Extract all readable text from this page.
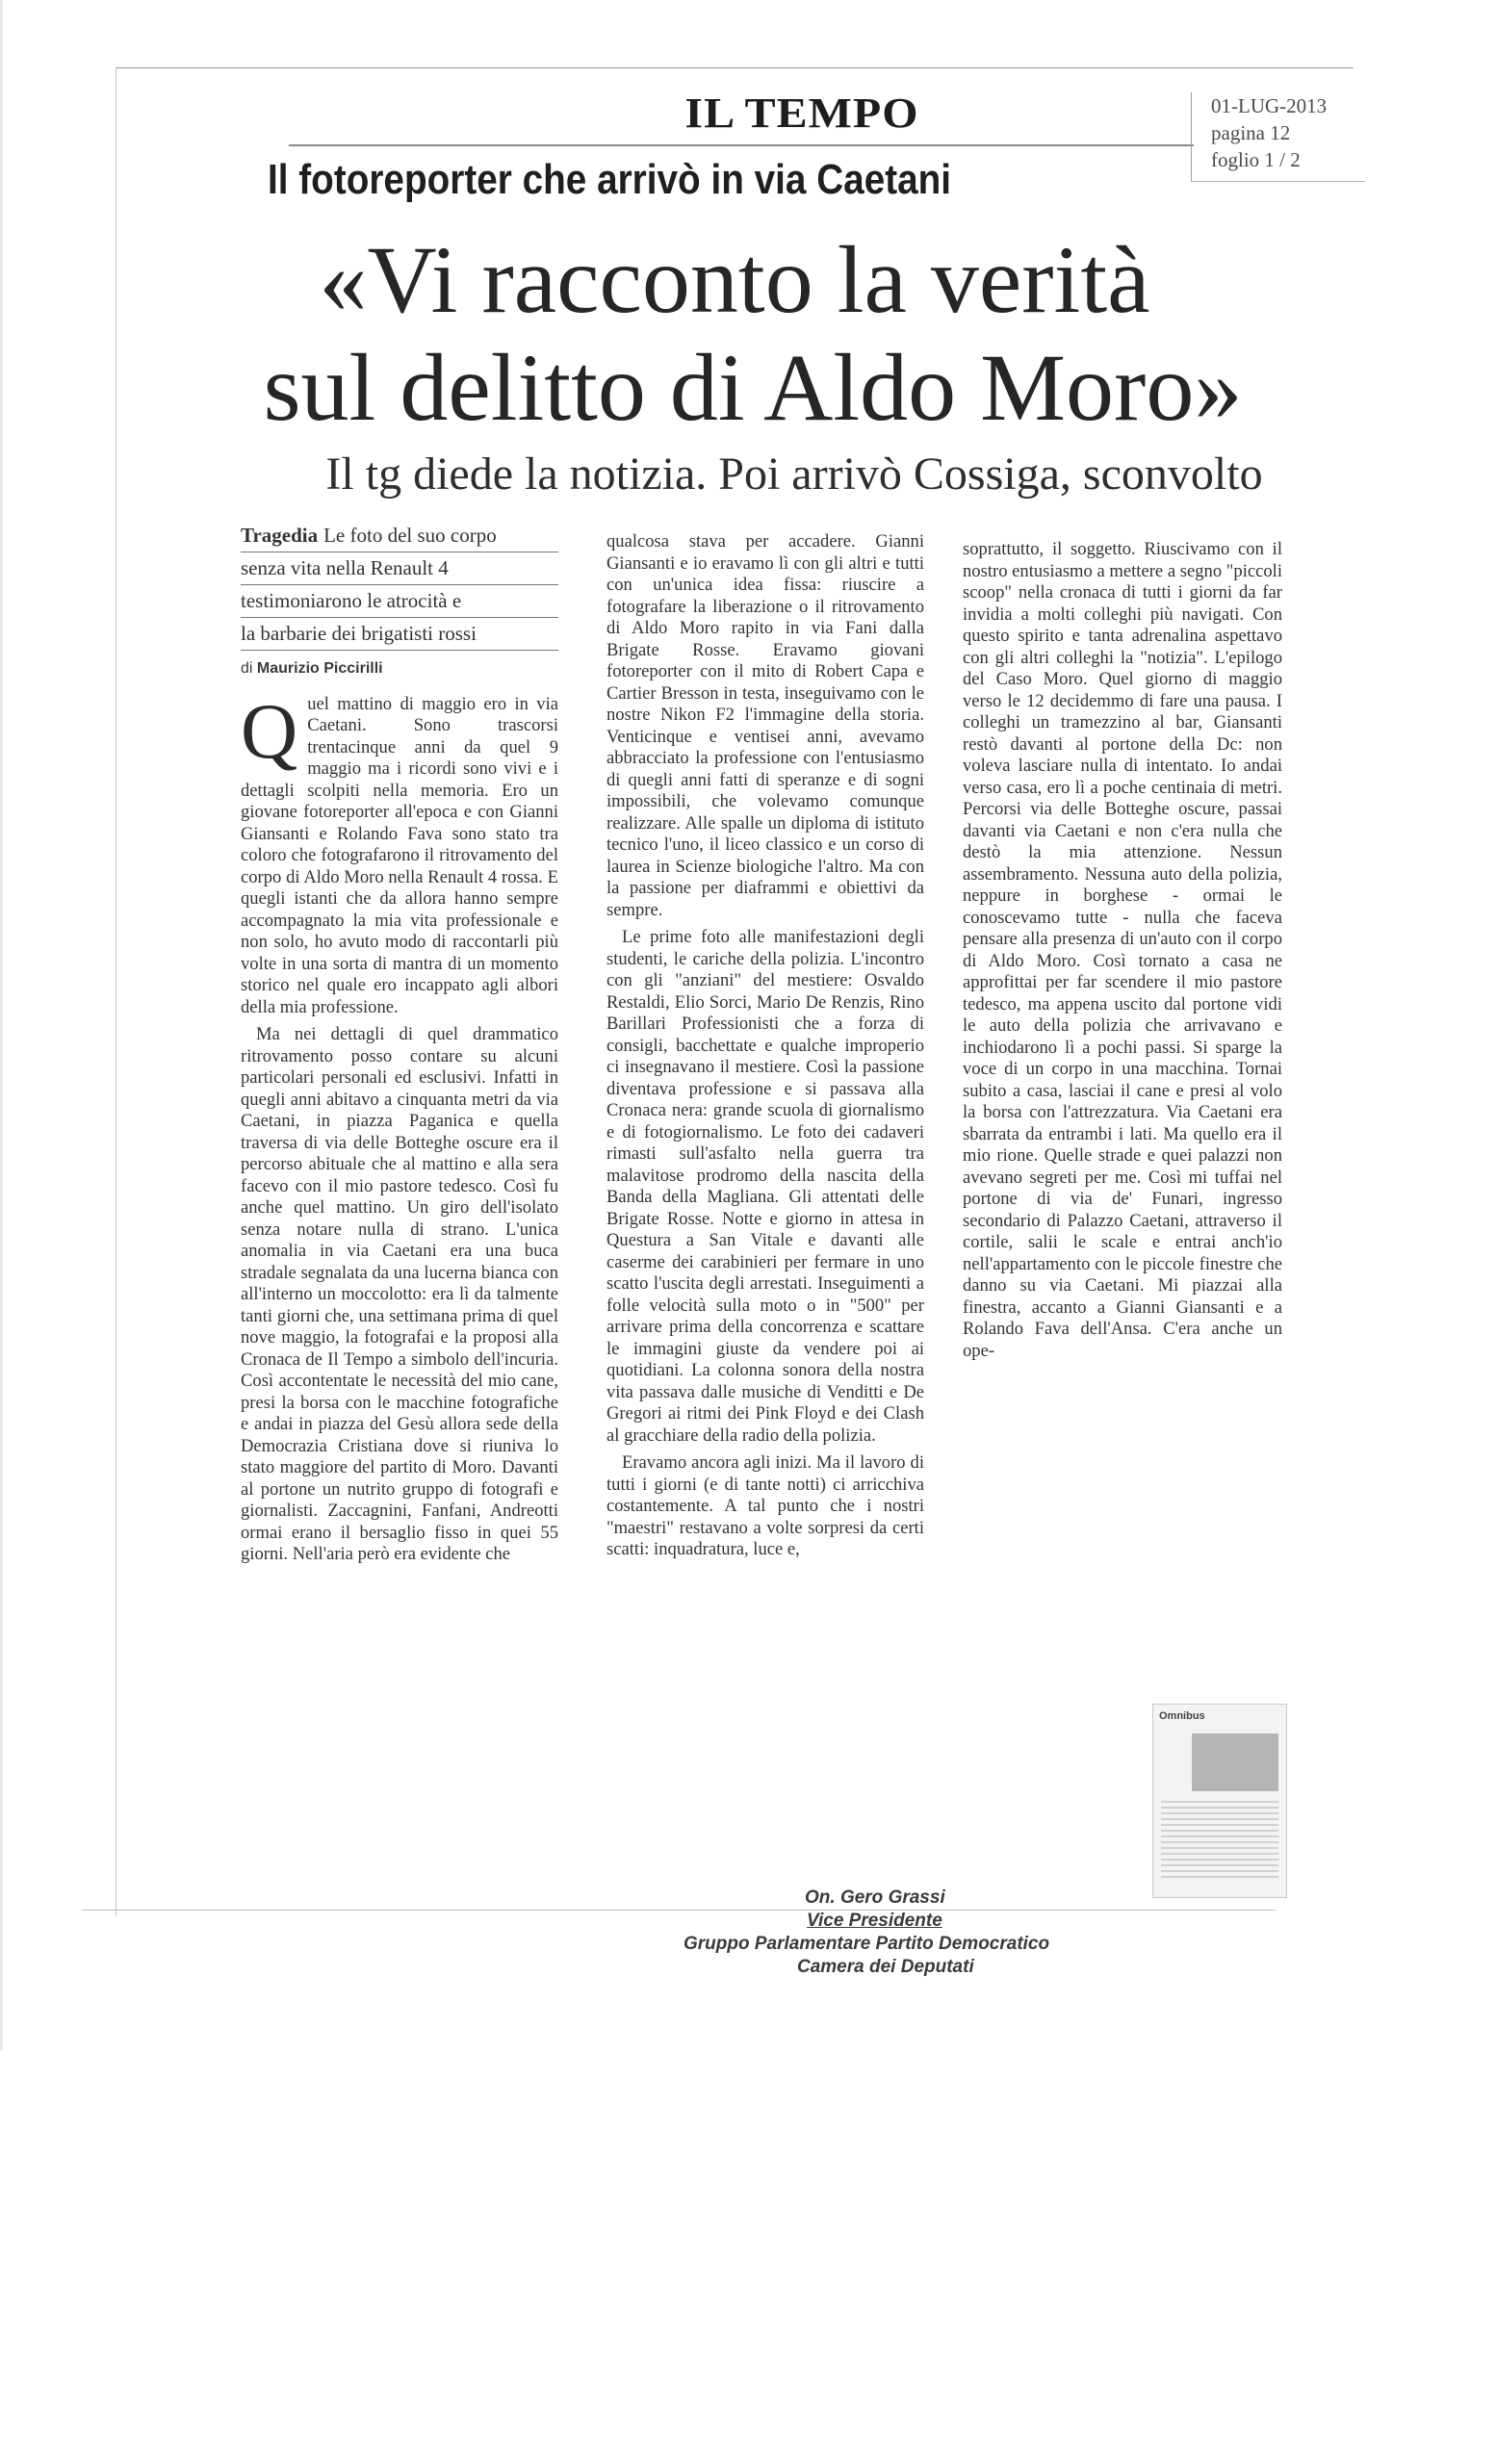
IL TEMPO	01-LUG-2013
pagina 12
foglio 1 / 2
Il fotoreporter che arrivò in via Caetani
«Vi racconto la verità
sul delitto di Aldo Moro»
Il tg diede la notizia. Poi arrivò Cossiga, sconvolto
Tragedia Le foto del suo corpo
senza vita nella Renault 4
testimoniarono le atrocità e
la barbarie dei brigatisti rossi
di Maurizio Piccirilli

Quel mattino di maggio ero in via Caetani. Sono trascorsi trentacinque anni da quel 9 maggio ma i ricordi sono vivi e i dettagli scolpiti nella memoria. Ero un giovane fotoreporter all'epoca e con Gianni Giansanti e Rolando Fava sono stato tra coloro che fotografarono il ritrovamento del corpo di Aldo Moro nella Renault 4 rossa. E quegli istanti che da allora hanno sempre accompagnato la mia vita professionale e non solo, ho avuto modo di raccontarli più volte in una sorta di mantra di un momento storico nel quale ero incappato agli albori della mia professione.

Ma nei dettagli di quel drammatico ritrovamento posso contare su alcuni particolari personali ed esclusivi. Infatti in quegli anni abitavo a cinquanta metri da via Caetani, in piazza Paganica e quella traversa di via delle Botteghe oscure era il percorso abituale che al mattino e alla sera facevo con il mio pastore tedesco. Così fu anche quel mattino. Un giro dell'isolato senza notare nulla di strano. L'unica anomalia in via Caetani era una buca stradale segnalata da una lucerna bianca con all'interno un moccolotto: era lì da talmente tanti giorni che, una settimana prima di quel nove maggio, la fotografai e la proposi alla Cronaca de Il Tempo a simbolo dell'incuria. Così accontentate le necessità del mio cane, presi la borsa con le macchine fotografiche e andai in piazza del Gesù allora sede della Democrazia Cristiana dove si riuniva lo stato maggiore del partito di Moro. Davanti al portone un nutrito gruppo di fotografi e giornalisti. Zaccagnini, Fanfani, Andreotti ormai erano il bersaglio fisso in quei 55 giorni. Nell'aria però era evidente che

qualcosa stava per accadere. Gianni Giansanti e io eravamo lì con gli altri e tutti con un'unica idea fissa: riuscire a fotografare la liberazione o il ritrovamento di Aldo Moro rapito in via Fani dalla Brigate Rosse. Eravamo giovani fotoreporter con il mito di Robert Capa e Cartier Bresson in testa, inseguivamo con le nostre Nikon F2 l'immagine della storia. Venticinque e ventisei anni, avevamo abbracciato la professione con l'entusiasmo di quegli anni fatti di speranze e di sogni impossibili, che volevamo comunque realizzare. Alle spalle un diploma di istituto tecnico l'uno, il liceo classico e un corso di laurea in Scienze biologiche l'altro. Ma con la passione per diaframmi e obiettivi da sempre.

Le prime foto alle manifestazioni degli studenti, le cariche della polizia. L'incontro con gli "anziani" del mestiere: Osvaldo Restaldi, Elio Sorci, Mario De Renzis, Rino Barillari Professionisti che a forza di consigli, bacchettate e qualche improperio ci insegnavano il mestiere. Così la passione diventava professione e si passava alla Cronaca nera: grande scuola di giornalismo e di fotogiornalismo. Le foto dei cadaveri rimasti sull'asfalto nella guerra tra malavitose prodromo della nascita della Banda della Magliana. Gli attentati delle Brigate Rosse. Notte e giorno in attesa in Questura a San Vitale e davanti alle caserme dei carabinieri per fermare in uno scatto l'uscita degli arrestati. Inseguimenti a folle velocità sulla moto o in "500" per arrivare prima della concorrenza e scattare le immagini giuste da vendere poi ai quotidiani. La colonna sonora della nostra vita passava dalle musiche di Venditti e De Gregori ai ritmi dei Pink Floyd e dei Clash al gracchiare della radio della polizia.

Eravamo ancora agli inizi. Ma il lavoro di tutti i giorni (e di tante notti) ci arricchiva costantemente. A tal punto che i nostri "maestri" restavano a volte sorpresi da certi scatti: inquadratura, luce e,

soprattutto, il soggetto. Riuscivamo con il nostro entusiasmo a mettere a segno "piccoli scoop" nella cronaca di tutti i giorni da far invidia a molti colleghi più navigati. Con questo spirito e tanta adrenalina aspettavo con gli altri colleghi la "notizia". L'epilogo del Caso Moro. Quel giorno di maggio verso le 12 decidemmo di fare una pausa. I colleghi un tramezzino al bar, Giansanti restò davanti al portone della Dc: non voleva lasciare nulla di intentato. Io andai verso casa, ero lì a poche centinaia di metri. Percorsi via delle Botteghe oscure, passai davanti via Caetani e non c'era nulla che destò la mia attenzione. Nessun assembramento. Nessuna auto della polizia, neppure in borghese - ormai le conoscevamo tutte - nulla che faceva pensare alla presenza di un'auto con il corpo di Aldo Moro. Così tornato a casa ne approfittai per far scendere il mio pastore tedesco, ma appena uscito dal portone vidi le auto della polizia che arrivavano e inchiodarono lì a pochi passi. Si sparge la voce di un corpo in una macchina. Tornai subito a casa, lasciai il cane e presi al volo la borsa con l'attrezzatura. Via Caetani era sbarrata da entrambi i lati. Ma quello era il mio rione. Quelle strade e quei palazzi non avevano segreti per me. Così mi tuffai nel portone di via de' Funari, ingresso secondario di Palazzo Caetani, attraverso il cortile, salii le scale e entrai anch'io nell'appartamento con le piccole finestre che danno su via Caetani. Mi piazzai alla finestra, accanto a Gianni Giansanti e a Rolando Fava dell'Ansa. C'era anche un ope-

Omnibus
On. Gero Grassi
Vice Presidente
Gruppo Parlamentare Partito Democratico
Camera dei Deputati
